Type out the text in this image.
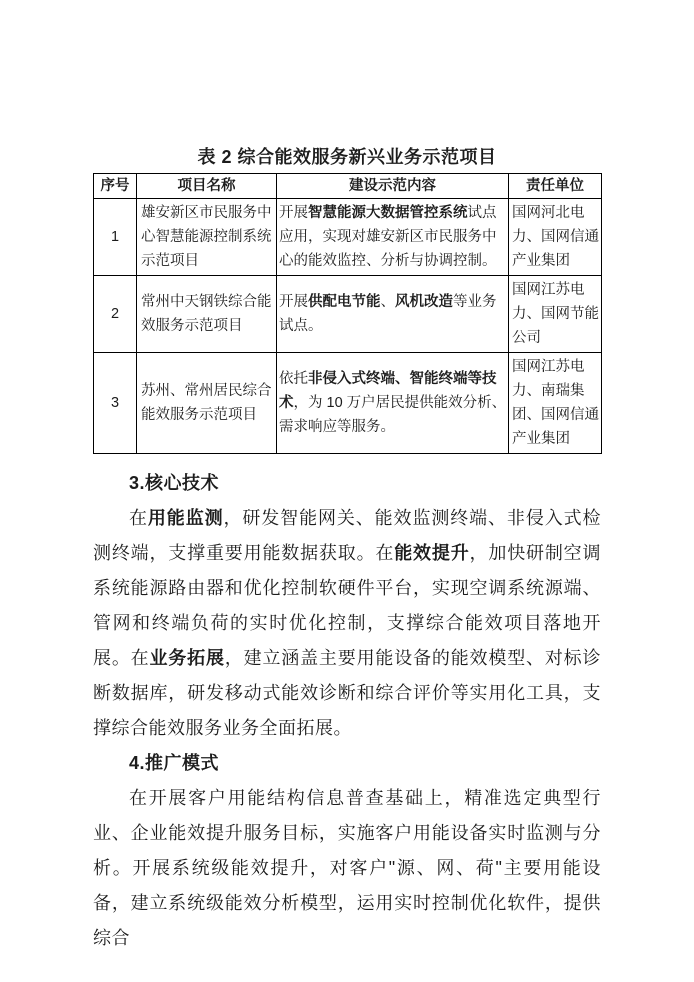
表 2 综合能效服务新兴业务示范项目
序号	项目名称	建设示范内容	责任单位
1	雄安新区市民服务中心智慧能源控制系统示范项目	开展智慧能源大数据管控系统试点应用，实现对雄安新区市民服务中心的能效监控、分析与协调控制。	国网河北电力、国网信通产业集团
2	常州中天钢铁综合能效服务示范项目	开展供配电节能、风机改造等业务试点。	国网江苏电力、国网节能公司
3	苏州、常州居民综合能效服务示范项目	依托非侵入式终端、智能终端等技术，为 10 万户居民提供能效分析、需求响应等服务。	国网江苏电力、南瑞集团、国网信通产业集团
3.核心技术
在用能监测，研发智能网关、能效监测终端、非侵入式检测终端，支撑重要用能数据获取。在能效提升，加快研制空调系统能源路由器和优化控制软硬件平台，实现空调系统源端、管网和终端负荷的实时优化控制，支撑综合能效项目落地开展。在业务拓展，建立涵盖主要用能设备的能效模型、对标诊断数据库，研发移动式能效诊断和综合评价等实用化工具，支撑综合能效服务业务全面拓展。
4.推广模式
在开展客户用能结构信息普查基础上，精准选定典型行业、企业能效提升服务目标，实施客户用能设备实时监测与分析。开展系统级能效提升，对客户"源、网、荷"主要用能设备，建立系统级能效分析模型，运用实时控制优化软件，提供综合
